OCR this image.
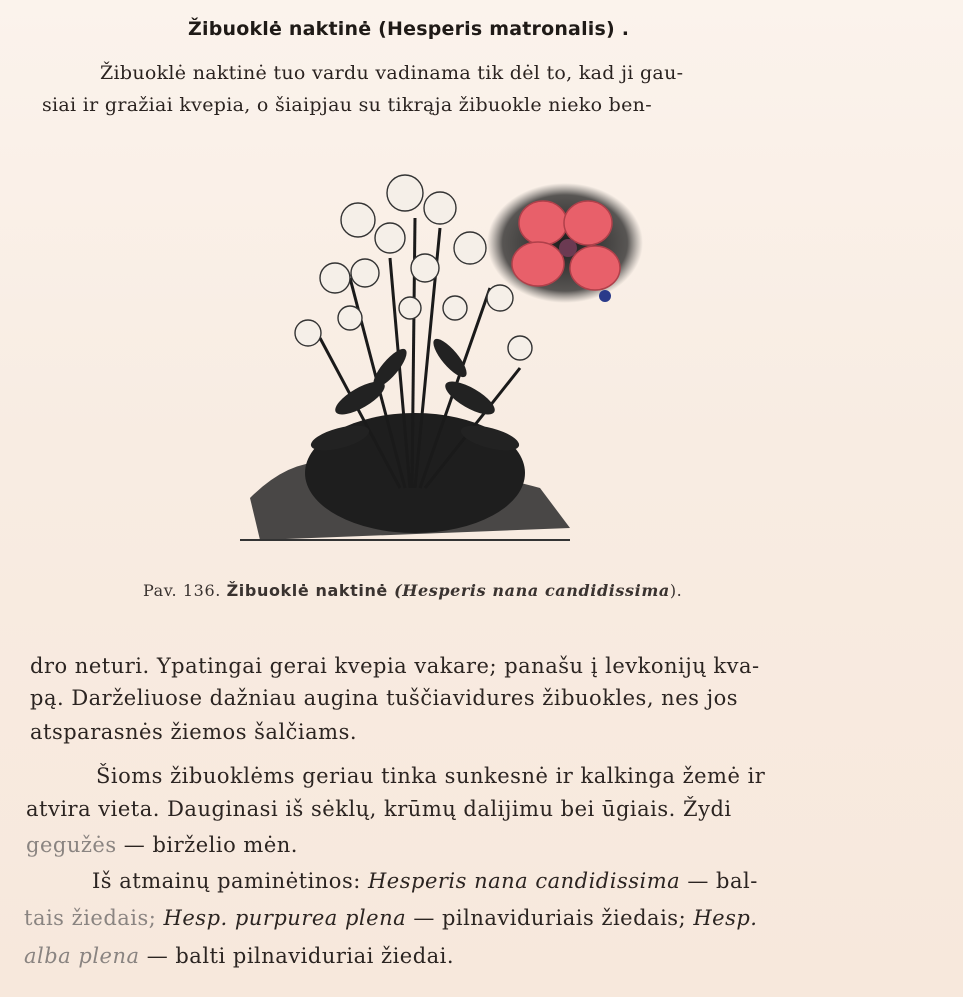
Žibuoklė naktinė (Hesperis matronalis) .
Žibuoklė naktinė tuo vardu vadinama tik dėl to, kad ji gau-
siai ir gražiai kvepia, o šiaipjau su tikrąja žibuokle nieko ben-
Pav. 136. Žibuoklė naktinė (Hesperis nana candidissima).
dro neturi. Ypatingai gerai kvepia vakare; panašu į levkonijų kva-
pą. Darželiuose dažniau augina tuščiavidures žibuokles, nes jos
atsparasnės žiemos šalčiams.
Šioms žibuoklėms geriau tinka sunkesnė ir kalkinga žemė ir
atvira vieta. Dauginasi iš sėklų, krūmų dalijimu bei ūgiais. Žydi
gegužės — birželio mėn.
Iš atmainų paminėtinos: Hesperis nana candidissima — bal-
tais žiedais; Hesp. purpurea plena — pilnaviduriais žiedais; Hesp.
alba plena — balti pilnaviduriai žiedai.
